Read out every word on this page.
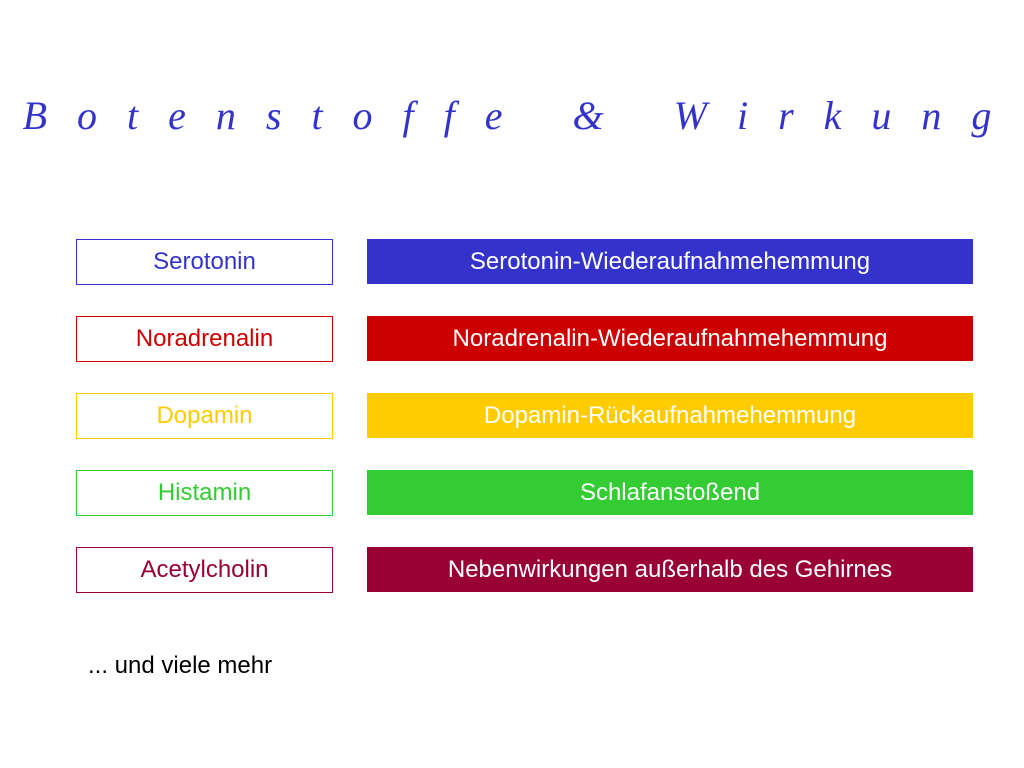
B o t e n s t o f f e   &   W i r k u n g
Serotonin	Serotonin-Wiederaufnahmehemmung
Noradrenalin	Noradrenalin-Wiederaufnahmehemmung
Dopamin	Dopamin-Rückaufnahmehemmung
Histamin	Schlafanstoßend
Acetylcholin	Nebenwirkungen außerhalb des Gehirnes
... und viele mehr
